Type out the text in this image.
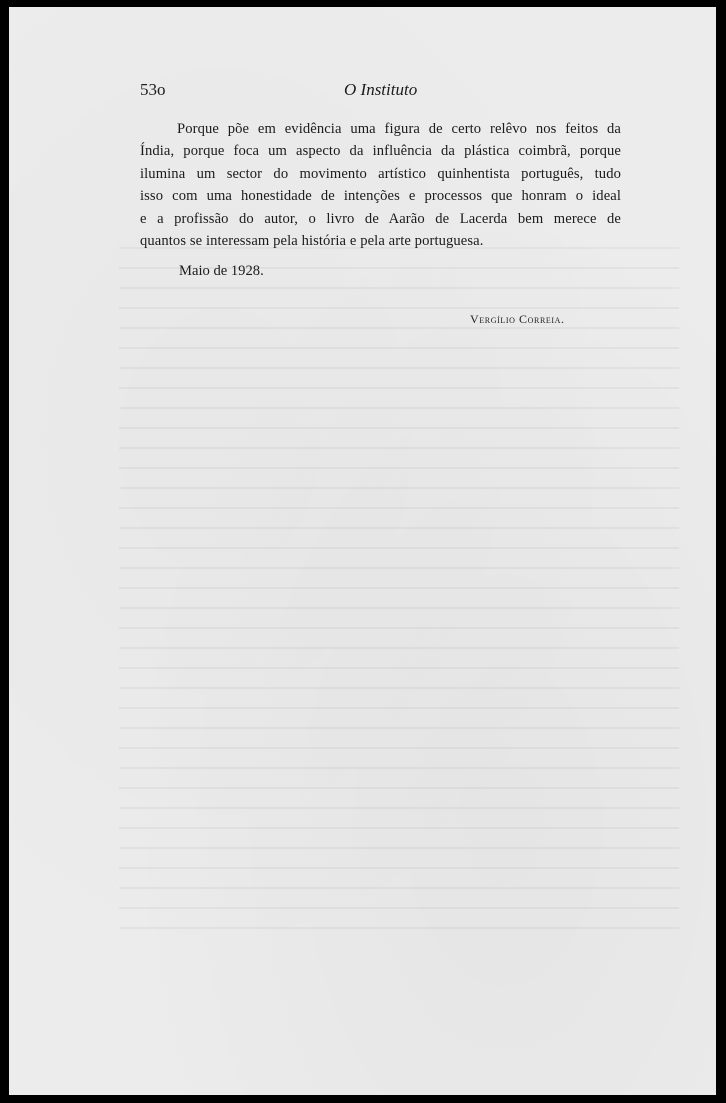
53o	O Instituto
Porque põe em evidência uma figura de certo relêvo nos feitos da
Índia, porque foca um aspecto da influência da plástica coimbrã, porque
ilumina um sector do movimento artístico quinhentista português, tudo
isso com uma honestidade de intenções e processos que honram o ideal
e a profissão do autor, o livro de Aarão de Lacerda bem merece de
quantos se interessam pela história e pela arte portuguesa.
Maio de 1928.
Vergílio Correia.
